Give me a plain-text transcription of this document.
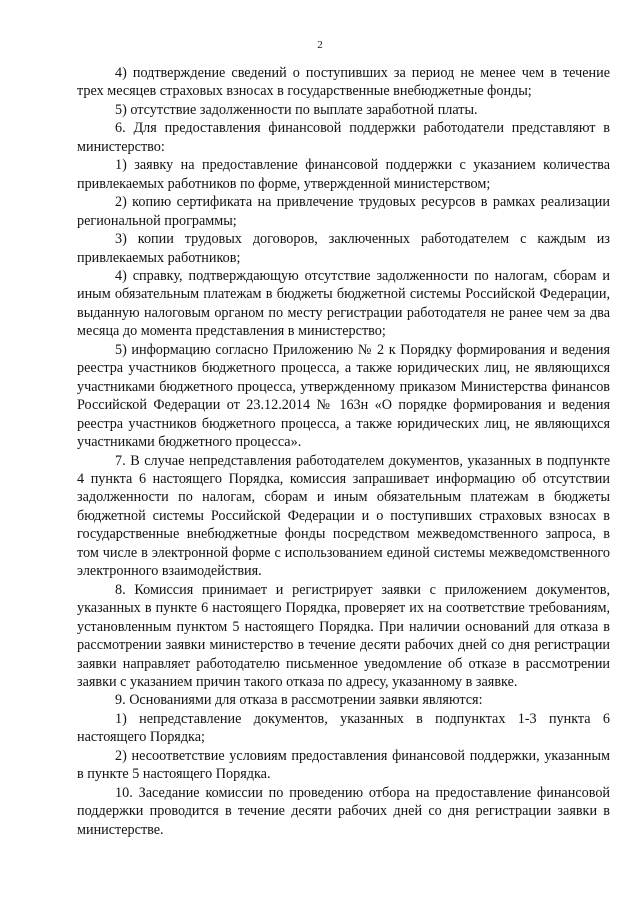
2

4) подтверждение сведений о поступивших за период не менее чем в течение трех месяцев страховых взносах в государственные внебюджетные фонды;

5) отсутствие задолженности по выплате заработной платы.

6. Для предоставления финансовой поддержки работодатели представляют в министерство:

1) заявку на предоставление финансовой поддержки с указанием количества привлекаемых работников по форме, утвержденной министерством;

2) копию сертификата на привлечение трудовых ресурсов в рамках реализации региональной программы;

3) копии трудовых договоров, заключенных работодателем с каждым из привлекаемых работников;

4) справку, подтверждающую отсутствие задолженности по налогам, сборам и иным обязательным платежам в бюджеты бюджетной системы Российской Федерации, выданную налоговым органом по месту регистрации работодателя не ранее чем за два месяца до момента представления в министерство;

5) информацию согласно Приложению № 2 к Порядку формирования и ведения реестра участников бюджетного процесса, а также юридических лиц, не являющихся участниками бюджетного процесса, утвержденному приказом Министерства финансов Российской Федерации от 23.12.2014 № 163н «О порядке формирования и ведения реестра участников бюджетного процесса, а также юридических лиц, не являющихся участниками бюджетного процесса».

7. В случае непредставления работодателем документов, указанных в подпункте 4 пункта 6 настоящего Порядка, комиссия запрашивает информацию об отсутствии задолженности по налогам, сборам и иным обязательным платежам в бюджеты бюджетной системы Российской Федерации и о поступивших страховых взносах в государственные внебюджетные фонды посредством межведомственного запроса, в том числе в электронной форме с использованием единой системы межведомственного электронного взаимодействия.

8. Комиссия принимает и регистрирует заявки с приложением документов, указанных в пункте 6 настоящего Порядка, проверяет их на соответствие требованиям, установленным пунктом 5 настоящего Порядка. При наличии оснований для отказа в рассмотрении заявки министерство в течение десяти рабочих дней со дня регистрации заявки направляет работодателю письменное уведомление об отказе в рассмотрении заявки с указанием причин такого отказа по адресу, указанному в заявке.

9. Основаниями для отказа в рассмотрении заявки являются:

1) непредставление документов, указанных в подпунктах 1-3 пункта 6 настоящего Порядка;

2) несоответствие условиям предоставления финансовой поддержки, указанным в пункте 5 настоящего Порядка.

10. Заседание комиссии по проведению отбора на предоставление финансовой поддержки проводится в течение десяти рабочих дней со дня регистрации заявки в министерстве.
